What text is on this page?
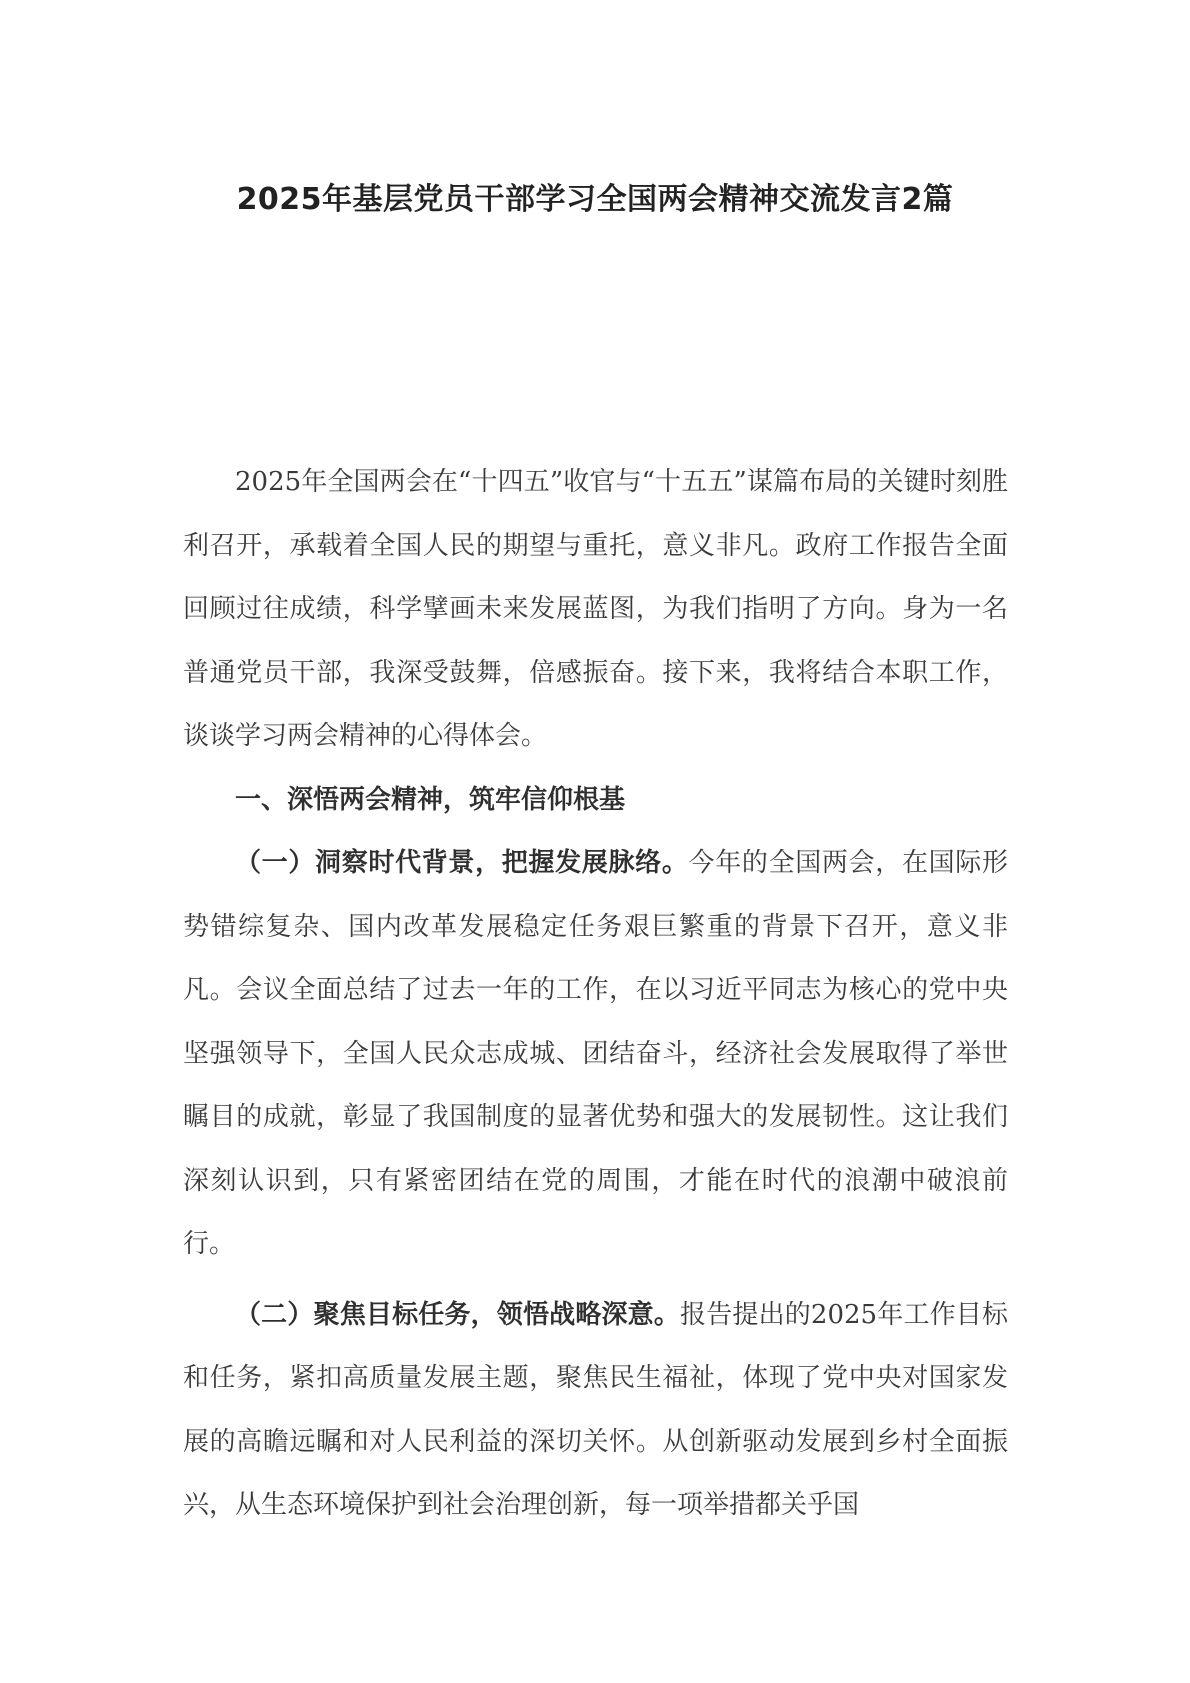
2025年基层党员干部学习全国两会精神交流发言2篇

2025年全国两会在“十四五”收官与“十五五”谋篇布局的关键时刻胜利召开，承载着全国人民的期望与重托，意义非凡。政府工作报告全面回顾过往成绩，科学擘画未来发展蓝图，为我们指明了方向。身为一名普通党员干部，我深受鼓舞，倍感振奋。接下来，我将结合本职工作，谈谈学习两会精神的心得体会。

一、深悟两会精神，筑牢信仰根基

（一）洞察时代背景，把握发展脉络。今年的全国两会，在国际形势错综复杂、国内改革发展稳定任务艰巨繁重的背景下召开，意义非凡。会议全面总结了过去一年的工作，在以习近平同志为核心的党中央坚强领导下，全国人民众志成城、团结奋斗，经济社会发展取得了举世瞩目的成就，彰显了我国制度的显著优势和强大的发展韧性。这让我们深刻认识到，只有紧密团结在党的周围，才能在时代的浪潮中破浪前行。

（二）聚焦目标任务，领悟战略深意。报告提出的2025年工作目标和任务，紧扣高质量发展主题，聚焦民生福祉，体现了党中央对国家发展的高瞻远瞩和对人民利益的深切关怀。从创新驱动发展到乡村全面振兴，从生态环境保护到社会治理创新，每一项举措都关乎国
